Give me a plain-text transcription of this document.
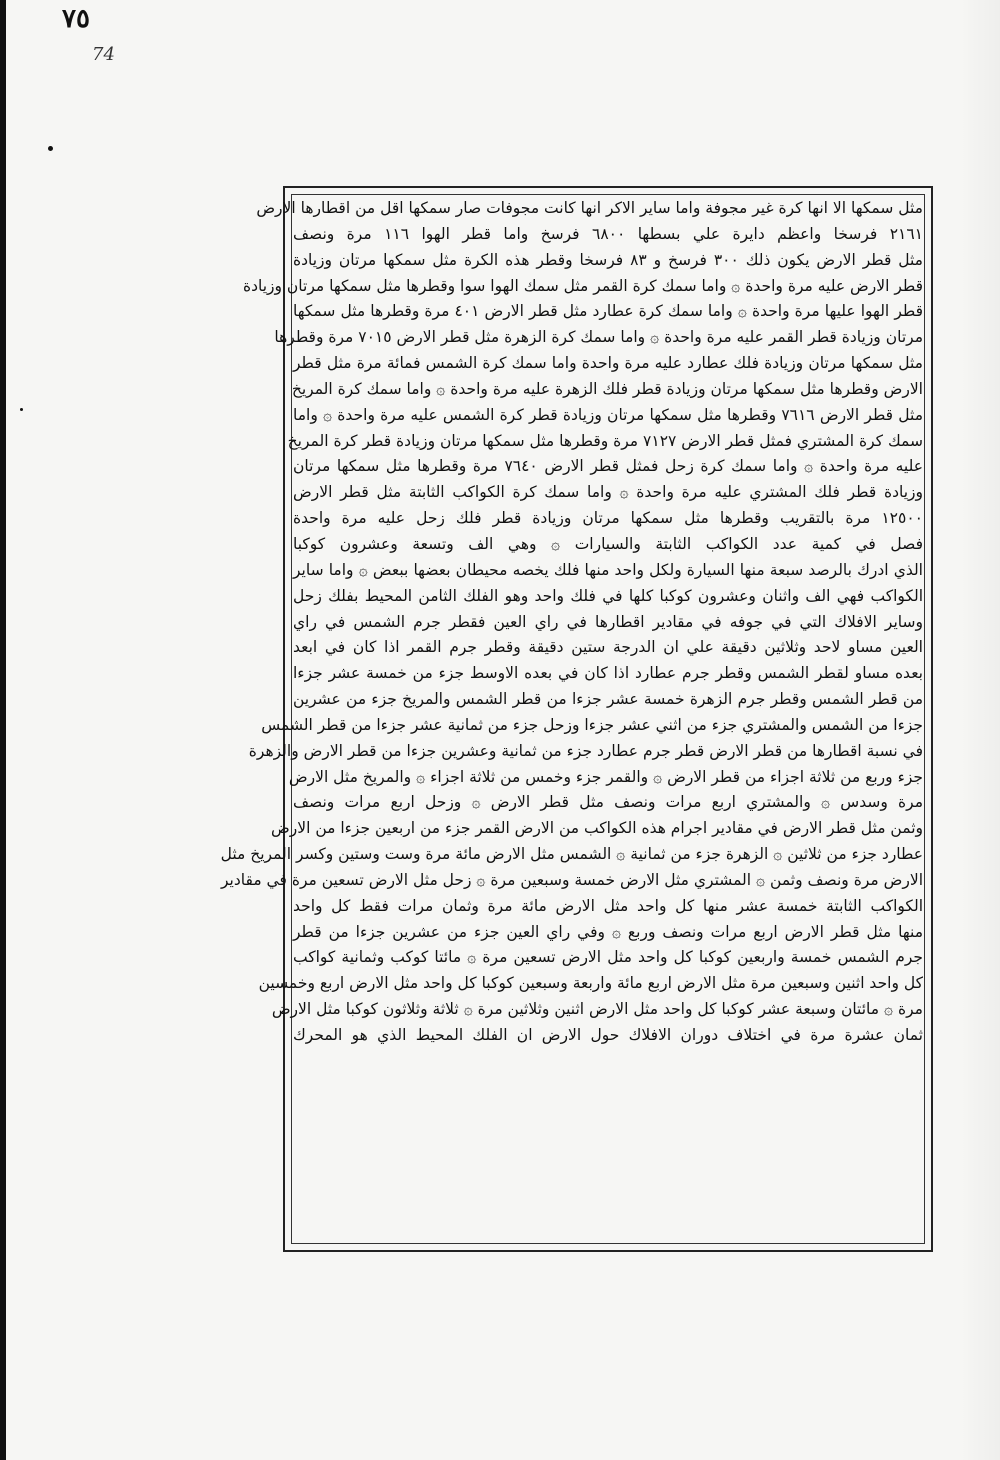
٧٥
74
مثل سمكها الا انها كرة غير مجوفة واما ساير الاكر انها كانت مجوفات صار سمكها اقل من اقطارها الارض
٢١٦١ فرسخا واعظم دايرة علي بسطها ٦٨٠٠ فرسخ واما قطر الهوا ١١٦ مرة ونصف
مثل قطر الارض يكون ذلك ٣٠٠ فرسخ و ٨٣ فرسخا وقطر هذه الكرة مثل سمكها مرتان وزيادة
قطر الارض عليه مرة واحدة ۞ واما سمك كرة القمر مثل سمك الهوا سوا وقطرها مثل سمكها مرتان وزيادة
قطر الهوا عليها مرة واحدة ۞ واما سمك كرة عطارد مثل قطر الارض ٤٠١ مرة وقطرها مثل سمكها
مرتان وزيادة قطر القمر عليه مرة واحدة ۞ واما سمك كرة الزهرة مثل قطر الارض ٧٠١٥ مرة وقطرها
مثل سمكها مرتان وزيادة فلك عطارد عليه مرة واحدة واما سمك كرة الشمس فمائة مرة مثل قطر
الارض وقطرها مثل سمكها مرتان وزيادة قطر فلك الزهرة عليه مرة واحدة ۞ واما سمك كرة المريخ
مثل قطر الارض ٧٦١٦ وقطرها مثل سمكها مرتان وزيادة قطر كرة الشمس عليه مرة واحدة ۞ واما
سمك كرة المشتري فمثل قطر الارض ٧١٢٧ مرة وقطرها مثل سمكها مرتان وزيادة قطر كرة المريخ
عليه مرة واحدة ۞ واما سمك كرة زحل فمثل قطر الارض ٧٦٤٠ مرة وقطرها مثل سمكها مرتان
وزيادة قطر فلك المشتري عليه مرة واحدة ۞ واما سمك كرة الكواكب الثابتة مثل قطر الارض
١٢٥٠٠ مرة بالتقريب وقطرها مثل سمكها مرتان وزيادة قطر فلك زحل عليه مرة واحدة
فصل في كمية عدد الكواكب الثابتة والسيارات ۞ وهي الف وتسعة وعشرون كوكبا
الذي ادرك بالرصد سبعة منها السيارة ولكل واحد منها فلك يخصه محيطان بعضها ببعض ۞ واما ساير
الكواكب فهي الف واثنان وعشرون كوكبا كلها في فلك واحد وهو الفلك الثامن المحيط بفلك زحل
وساير الافلاك التي في جوفه في مقادير اقطارها في راي العين فقطر جرم الشمس في راي
العين مساو لاحد وثلاثين دقيقة علي ان الدرجة ستين دقيقة وقطر جرم القمر اذا كان في ابعد
بعده مساو لقطر الشمس وقطر جرم عطارد اذا كان في بعده الاوسط جزء من خمسة عشر جزءا
من قطر الشمس وقطر جرم الزهرة خمسة عشر جزءا من قطر الشمس والمريخ جزء من عشرين
جزءا من الشمس والمشتري جزء من اثني عشر جزءا وزحل جزء من ثمانية عشر جزءا من قطر الشمس
في نسبة اقطارها من قطر الارض قطر جرم عطارد جزء من ثمانية وعشرين جزءا من قطر الارض والزهرة
جزء وربع من ثلاثة اجزاء من قطر الارض ۞ والقمر جزء وخمس من ثلاثة اجزاء ۞ والمريخ مثل الارض
مرة وسدس ۞ والمشتري اربع مرات ونصف مثل قطر الارض ۞ وزحل اربع مرات ونصف
وثمن مثل قطر الارض في مقادير اجرام هذه الكواكب من الارض القمر جزء من اربعين جزءا من الارض
عطارد جزء من ثلاثين ۞ الزهرة جزء من ثمانية ۞ الشمس مثل الارض مائة مرة وست وستين وكسر المريخ مثل
الارض مرة ونصف وثمن ۞ المشتري مثل الارض خمسة وسبعين مرة ۞ زحل مثل الارض تسعين مرة في مقادير
الكواكب الثابتة خمسة عشر منها كل واحد مثل الارض مائة مرة وثمان مرات فقط كل واحد
منها مثل قطر الارض اربع مرات ونصف وربع ۞ وفي راي العين جزء من عشرين جزءا من قطر
جرم الشمس خمسة واربعين كوكبا كل واحد مثل الارض تسعين مرة ۞ مائتا كوكب وثمانية كواكب
كل واحد اثنين وسبعين مرة مثل الارض اربع مائة واربعة وسبعين كوكبا كل واحد مثل الارض اربع وخمسين
مرة ۞ مائتان وسبعة عشر كوكبا كل واحد مثل الارض اثنين وثلاثين مرة ۞ ثلاثة وثلاثون كوكبا مثل الارض
ثمان عشرة مرة في اختلاف دوران الافلاك حول الارض ان الفلك المحيط الذي هو المحرك
